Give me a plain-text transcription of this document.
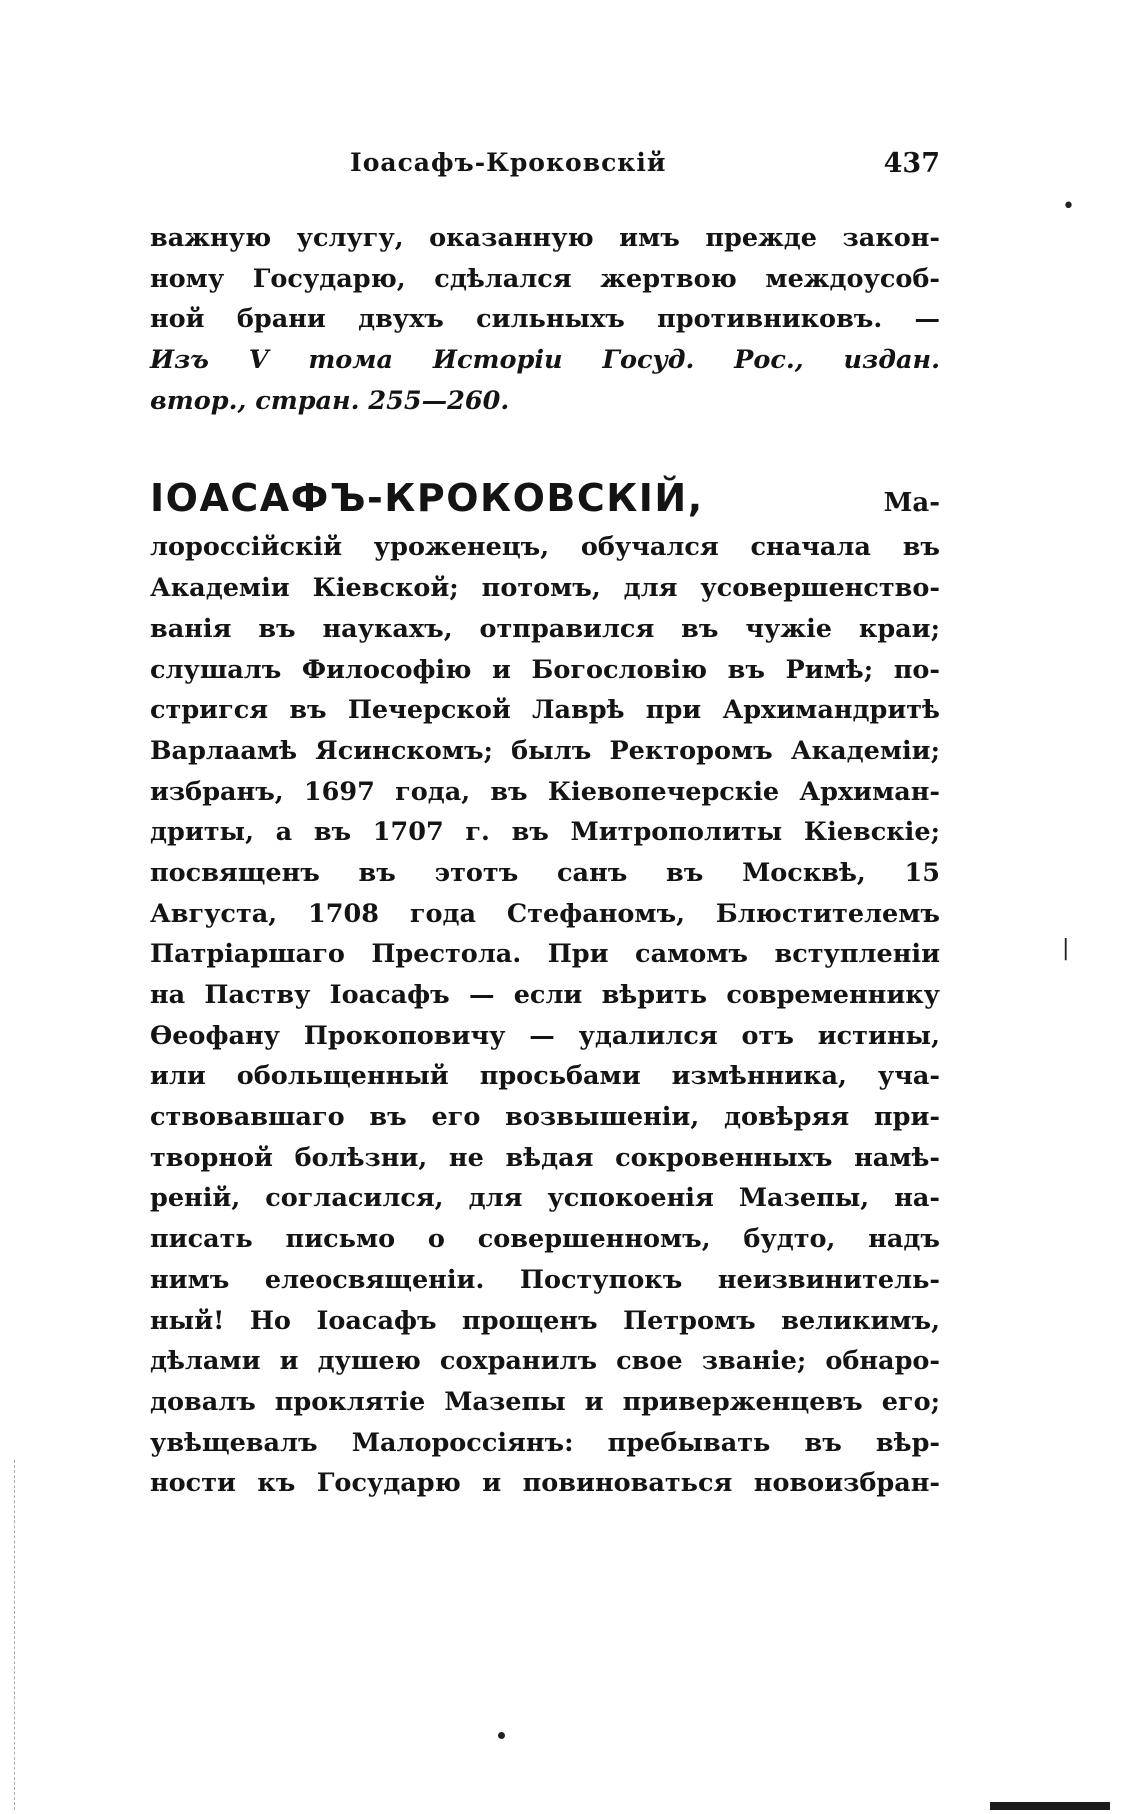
Іоасафъ-Кроковскій	437
важную услугу, оказанную имъ прежде закон-
ному Государю, сдѣлался жертвою междоусоб-
ной брани двухъ сильныхъ противниковъ. —
Изъ V тома Исторіи Госуд. Рос., издан.
втор., стран. 255—260.
ІОАСАФЪ-КРОКОВСКІЙ,	Ма-
лороссійскій уроженецъ, обучался сначала въ
Академіи Кіевской; потомъ, для усовершенство-
ванія въ наукахъ, отправился въ чужіе краи;
слушалъ Философію и Богословію въ Римѣ; по-
стригся въ Печерской Лаврѣ при Архимандритѣ
Варлаамѣ Ясинскомъ; былъ Ректоромъ Академіи;
избранъ, 1697 года, въ Кіевопечерскіе Архиман-
дриты, а въ 1707 г. въ Митрополиты Кіевскіе;
посвященъ въ этотъ санъ въ Москвѣ, 15
Августа, 1708 года Стефаномъ, Блюстителемъ
Патріаршаго Престола. При самомъ вступленіи
на Паству Іоасафъ — если вѣрить современнику
Ѳеофану Прокоповичу — удалился отъ истины,
или обольщенный просьбами измѣнника, уча-
ствовавшаго въ его возвышеніи, довѣряя при-
творной болѣзни, не вѣдая сокровенныхъ намѣ-
реній, согласился, для успокоенія Мазепы, на-
писать письмо о совершенномъ, будто, надъ
нимъ елеосвященіи. Поступокъ неизвинитель-
ный! Но Іоасафъ прощенъ Петромъ великимъ,
дѣлами и душею сохранилъ свое званіе; обнаро-
довалъ проклятіе Мазепы и приверженцевъ его;
увѣщевалъ Малороссіянъ: пребывать въ вѣр-
ности къ Государю и повиноваться новоизбран-
•
|
